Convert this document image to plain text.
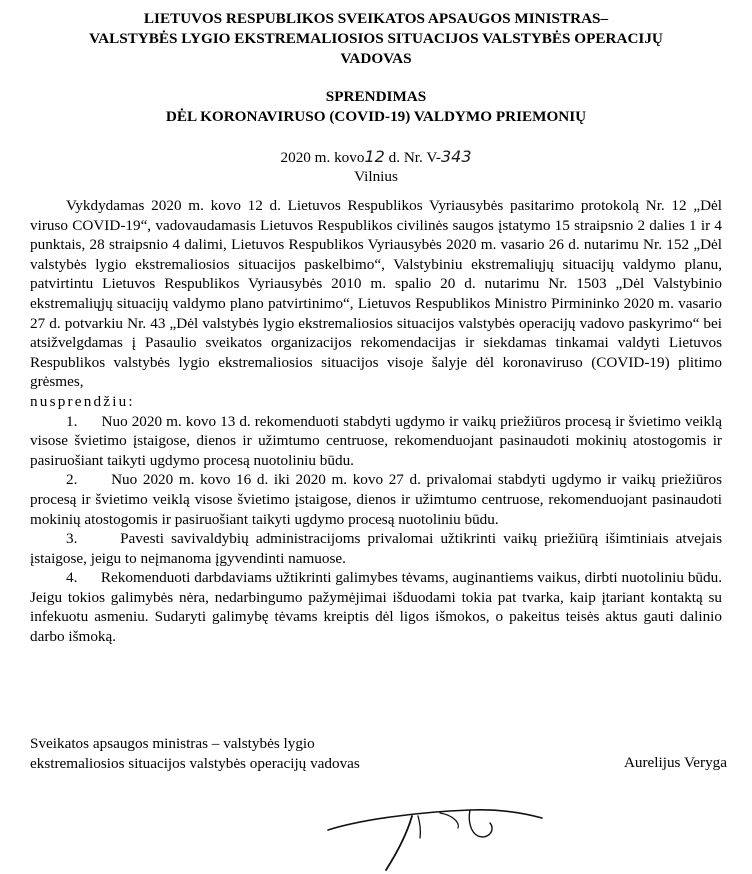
LIETUVOS RESPUBLIKOS SVEIKATOS APSAUGOS MINISTRAS–
VALSTYBĖS LYGIO EKSTREMALIOSIOS SITUACIJOS VALSTYBĖS OPERACIJŲ
VADOVAS
SPRENDIMAS
DĖL KORONAVIRUSO (COVID-19) VALDYMO PRIEMONIŲ
2020 m. kovo12 d. Nr. V-343
Vilnius

Vykdydamas 2020 m. kovo 12 d. Lietuvos Respublikos Vyriausybės pasitarimo protokolą Nr. 12 „Dėl viruso COVID-19“, vadovaudamasis Lietuvos Respublikos civilinės saugos įstatymo 15 straipsnio 2 dalies 1 ir 4 punktais, 28 straipsnio 4 dalimi, Lietuvos Respublikos Vyriausybės 2020 m. vasario 26 d. nutarimu Nr. 152 „Dėl valstybės lygio ekstremaliosios situacijos paskelbimo“, Valstybiniu ekstremaliųjų situacijų valdymo planu, patvirtintu Lietuvos Respublikos Vyriausybės 2010 m. spalio 20 d. nutarimu Nr. 1503 „Dėl Valstybinio ekstremaliųjų situacijų valdymo plano patvirtinimo“, Lietuvos Respublikos Ministro Pirmininko 2020 m. vasario 27 d. potvarkiu Nr. 43 „Dėl valstybės lygio ekstremaliosios situacijos valstybės operacijų vadovo paskyrimo“ bei atsižvelgdamas į Pasaulio sveikatos organizacijos rekomendacijas ir siekdamas tinkamai valdyti Lietuvos Respublikos valstybės lygio ekstremaliosios situacijos visoje šalyje dėl koronaviruso (COVID-19) plitimo grėsmes,

nusprendžiu:

1. Nuo 2020 m. kovo 13 d. rekomenduoti stabdyti ugdymo ir vaikų priežiūros procesą ir švietimo veiklą visose švietimo įstaigose, dienos ir užimtumo centruose, rekomenduojant pasinaudoti mokinių atostogomis ir pasiruošiant taikyti ugdymo procesą nuotoliniu būdu.

2. Nuo 2020 m. kovo 16 d. iki 2020 m. kovo 27 d. privalomai stabdyti ugdymo ir vaikų priežiūros procesą ir švietimo veiklą visose švietimo įstaigose, dienos ir užimtumo centruose, rekomenduojant pasinaudoti mokinių atostogomis ir pasiruošiant taikyti ugdymo procesą nuotoliniu būdu.

3.	Pavesti savivaldybių administracijoms privalomai užtikrinti vaikų priežiūrą išimtiniais atvejais įstaigose, jeigu to neįmanoma įgyvendinti namuose.

4. Rekomenduoti darbdaviams užtikrinti galimybes tėvams, auginantiems vaikus, dirbti nuotoliniu būdu. Jeigu tokios galimybės nėra, nedarbingumo pažymėjimai išduodami tokia pat tvarka, kaip įtariant kontaktą su infekuotu asmeniu. Sudaryti galimybę tėvams kreiptis dėl ligos išmokos, o pakeitus teisės aktus gauti dalinio darbo išmoką.

Sveikatos apsaugos ministras – valstybės lygio
ekstremaliosios situacijos valstybės operacijų vadovas	Aurelijus Veryga
